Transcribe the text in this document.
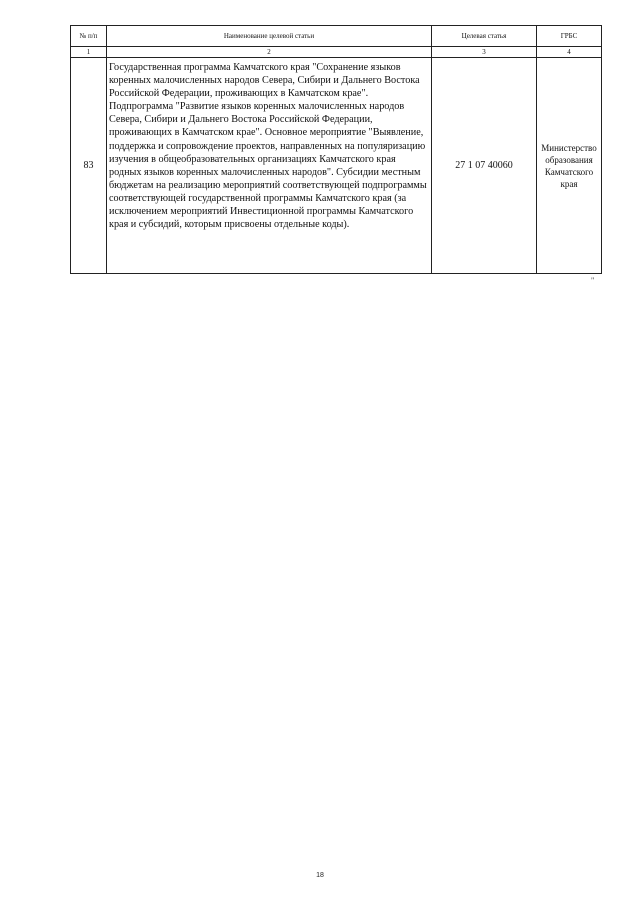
№ п/п	Наименование целевой статьи	Целевая статья	ГРБС
1	2	3	4
83	Государственная программа Камчатского края "Сохранение языков коренных малочисленных народов Севера, Сибири и Дальнего Востока Российской Федерации, проживающих в Камчатском крае". Подпрограмма "Развитие языков коренных малочисленных народов Севера, Сибири и Дальнего Востока Российской Федерации, проживающих в Камчатском крае". Основное мероприятие "Выявление, поддержка и сопровождение проектов, направленных на популяризацию изучения в общеобразовательных организациях Камчатского края родных языков коренных малочисленных народов". Субсидии местным бюджетам на реализацию мероприятий соответствующей подпрограммы соответствующей государственной программы Камчатского края (за исключением мероприятий Инвестиционной программы Камчатского края и субсидий, которым присвоены отдельные коды).	27 1 07 40060	Министерство образования Камчатского края
"
18
